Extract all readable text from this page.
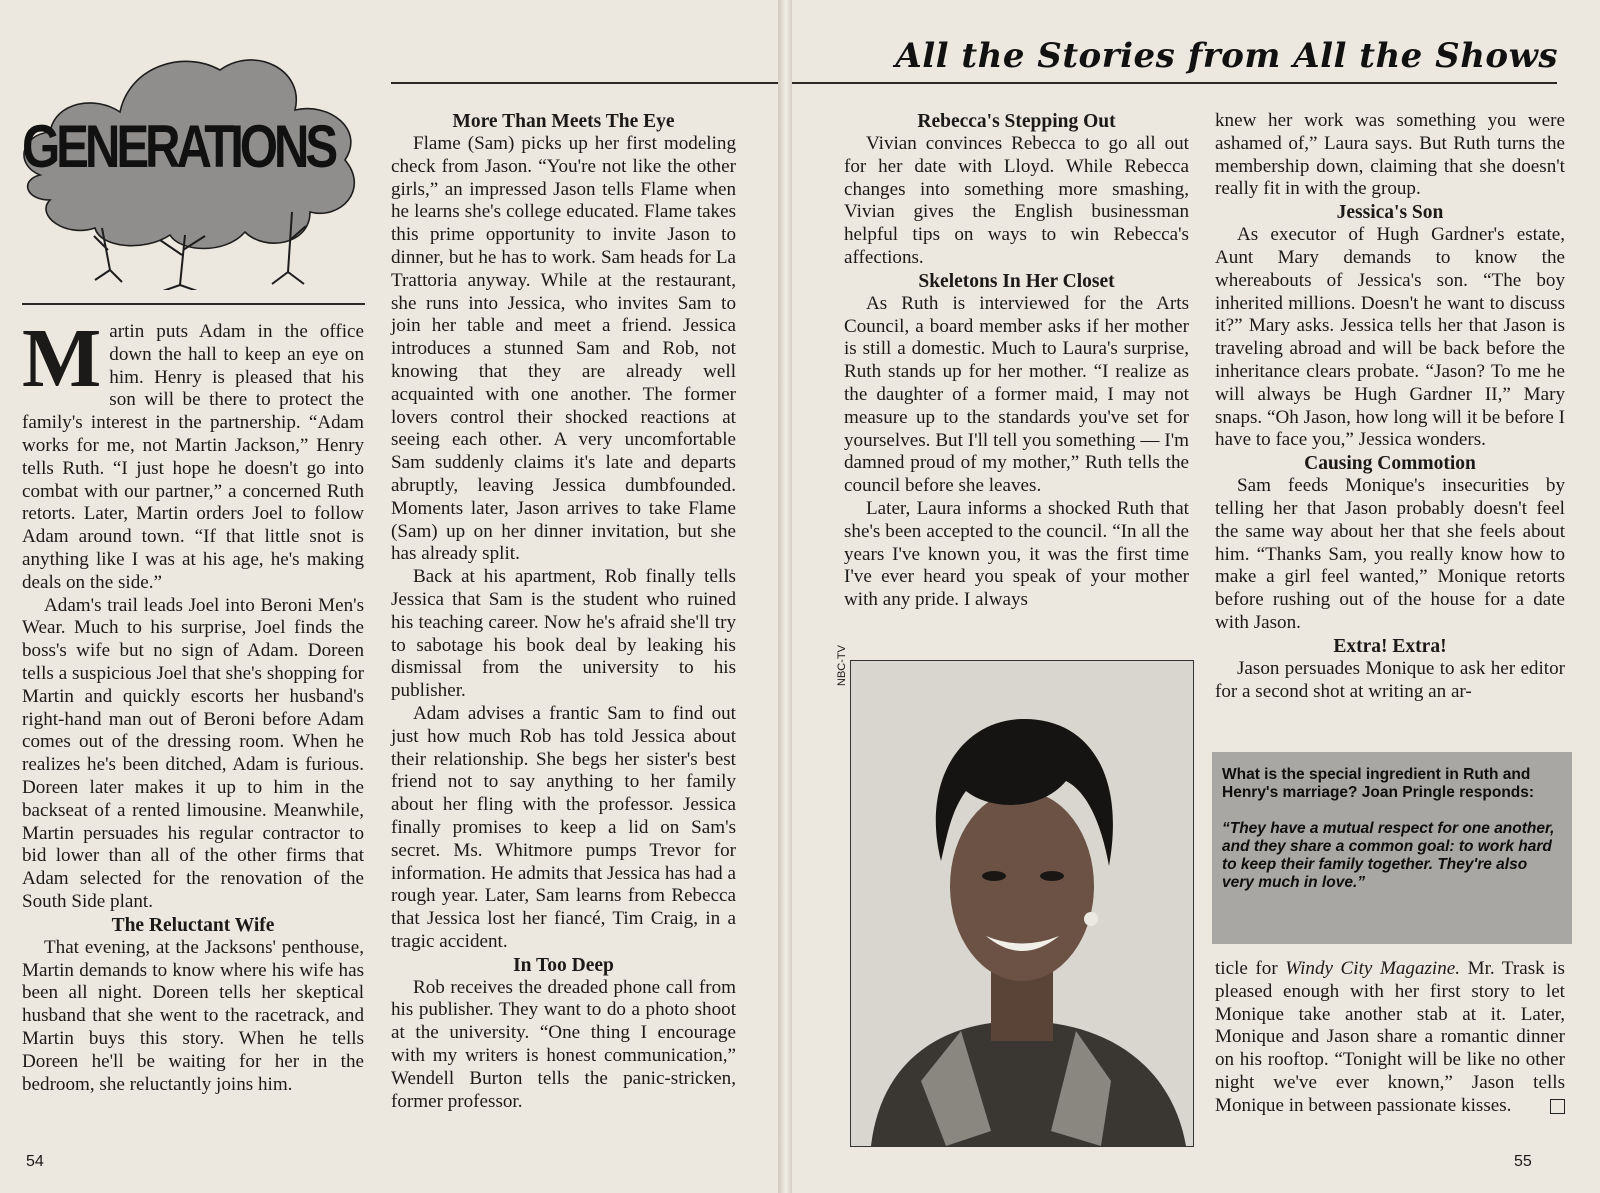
GENERATIONS

Martin puts Adam in the office down the hall to keep an eye on him. Henry is pleased that his son will be there to protect the family's interest in the partnership. “Adam works for me, not Martin Jackson,” Henry tells Ruth. “I just hope he doesn't go into combat with our partner,” a concerned Ruth retorts. Later, Martin orders Joel to follow Adam around town. “If that little snot is anything like I was at his age, he's making deals on the side.”

Adam's trail leads Joel into Beroni Men's Wear. Much to his surprise, Joel finds the boss's wife but no sign of Adam. Doreen tells a suspicious Joel that she's shopping for Martin and quickly escorts her husband's right-hand man out of Beroni before Adam comes out of the dressing room. When he realizes he's been ditched, Adam is furious. Doreen later makes it up to him in the backseat of a rented limousine. Meanwhile, Martin persuades his regular contractor to bid lower than all of the other firms that Adam selected for the renovation of the South Side plant.

The Reluctant Wife

That evening, at the Jacksons' penthouse, Martin demands to know where his wife has been all night. Doreen tells her skeptical husband that she went to the racetrack, and Martin buys this story. When he tells Doreen he'll be waiting for her in the bedroom, she reluctantly joins him.

More Than Meets The Eye

Flame (Sam) picks up her first modeling check from Jason. “You're not like the other girls,” an impressed Jason tells Flame when he learns she's college educated. Flame takes this prime opportunity to invite Jason to dinner, but he has to work. Sam heads for La Trattoria anyway. While at the restaurant, she runs into Jessica, who invites Sam to join her table and meet a friend. Jessica introduces a stunned Sam and Rob, not knowing that they are already well acquainted with one another. The former lovers control their shocked reactions at seeing each other. A very uncomfortable Sam suddenly claims it's late and departs abruptly, leaving Jessica dumbfounded. Moments later, Jason arrives to take Flame (Sam) up on her dinner invitation, but she has already split.

Back at his apartment, Rob finally tells Jessica that Sam is the student who ruined his teaching career. Now he's afraid she'll try to sabotage his book deal by leaking his dismissal from the university to his publisher.

Adam advises a frantic Sam to find out just how much Rob has told Jessica about their relationship. She begs her sister's best friend not to say anything to her family about her fling with the professor. Jessica finally promises to keep a lid on Sam's secret. Ms. Whitmore pumps Trevor for information. He admits that Jessica has had a rough year. Later, Sam learns from Rebecca that Jessica lost her fiancé, Tim Craig, in a tragic accident.

In Too Deep

Rob receives the dreaded phone call from his publisher. They want to do a photo shoot at the university. “One thing I encourage with my writers is honest communication,” Wendell Burton tells the panic-stricken, former professor.

54
All the Stories from All the Shows
Rebecca's Stepping Out

Vivian convinces Rebecca to go all out for her date with Lloyd. While Rebecca changes into something more smashing, Vivian gives the English businessman helpful tips on ways to win Rebecca's affections.

Skeletons In Her Closet

As Ruth is interviewed for the Arts Council, a board member asks if her mother is still a domestic. Much to Laura's surprise, Ruth stands up for her mother. “I realize as the daughter of a former maid, I may not measure up to the standards you've set for yourselves. But I'll tell you something — I'm damned proud of my mother,” Ruth tells the council before she leaves.

Later, Laura informs a shocked Ruth that she's been accepted to the council. “In all the years I've known you, it was the first time I've ever heard you speak of your mother with any pride. I always

knew her work was something you were ashamed of,” Laura says. But Ruth turns the membership down, claiming that she doesn't really fit in with the group.

Jessica's Son

As executor of Hugh Gardner's estate, Aunt Mary demands to know the whereabouts of Jessica's son. “The boy inherited millions. Doesn't he want to discuss it?” Mary asks. Jessica tells her that Jason is traveling abroad and will be back before the inheritance clears probate. “Jason? To me he will always be Hugh Gardner II,” Mary snaps. “Oh Jason, how long will it be before I have to face you,” Jessica wonders.

Causing Commotion

Sam feeds Monique's insecurities by telling her that Jason probably doesn't feel the same way about her that she feels about him. “Thanks Sam, you really know how to make a girl feel wanted,” Monique retorts before rushing out of the house for a date with Jason.

Extra! Extra!

Jason persuades Monique to ask her editor for a second shot at writing an ar-

ticle for Windy City Magazine. Mr. Trask is pleased enough with her first story to let Monique take another stab at it. Later, Monique and Jason share a romantic dinner on his rooftop. “Tonight will be like no other night we've ever known,” Jason tells Monique in between passionate kisses.

55
NBC-TV

What is the special ingredient in Ruth and Henry's marriage? Joan Pringle responds:

“They have a mutual respect for one another, and they share a common goal: to work hard to keep their family together. They're also very much in love.”
